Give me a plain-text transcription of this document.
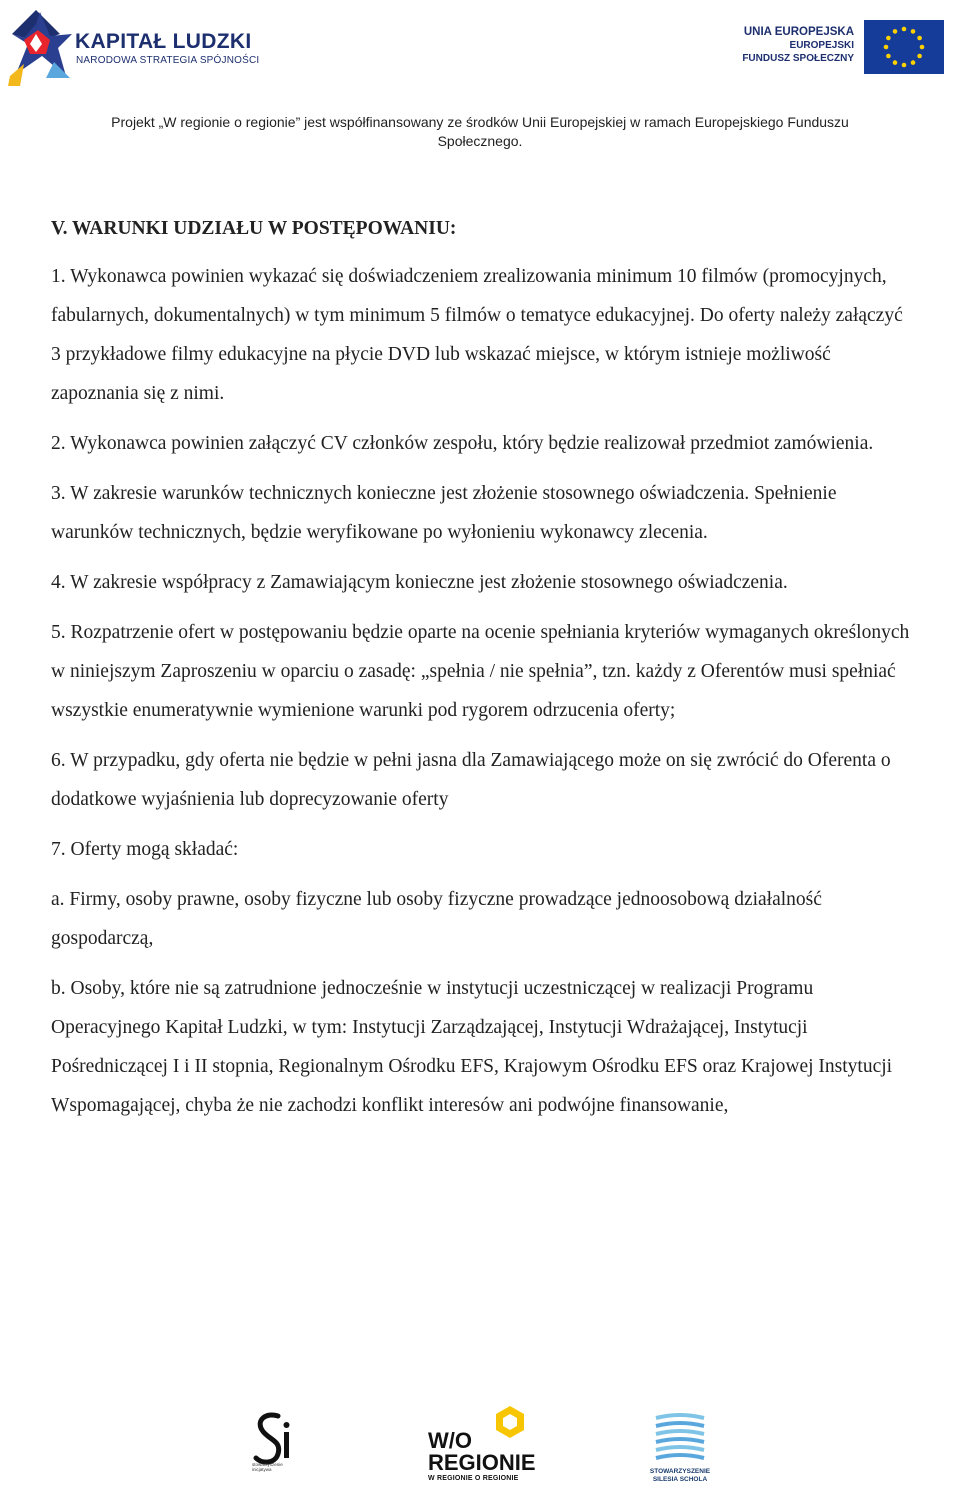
KAPITAŁ LUDZKI
NARODOWA STRATEGIA SPÓJNOŚCI
UNIA EUROPEJSKA
EUROPEJSKI
FUNDUSZ SPOŁECZNY
Projekt „W regionie o regionie” jest współfinansowany ze środków Unii Europejskiej w ramach Europejskiego Funduszu
Społecznego.
V. WARUNKI UDZIAŁU W POSTĘPOWANIU:

1. Wykonawca powinien wykazać się doświadczeniem zrealizowania minimum 10 filmów (promocyjnych, fabularnych, dokumentalnych) w tym minimum 5 filmów o tematyce edukacyjnej. Do oferty należy załączyć 3 przykładowe filmy edukacyjne na płycie DVD lub wskazać miejsce, w którym istnieje możliwość zapoznania się z nimi.

2. Wykonawca powinien załączyć CV członków zespołu, który będzie realizował przedmiot zamówienia.

3. W zakresie warunków technicznych konieczne jest złożenie stosownego oświadczenia. Spełnienie warunków technicznych, będzie weryfikowane po wyłonieniu wykonawcy zlecenia.

4. W zakresie współpracy z Zamawiającym konieczne jest złożenie stosownego oświadczenia.

5. Rozpatrzenie ofert w postępowaniu będzie oparte na ocenie spełniania kryteriów wymaganych określonych w niniejszym Zaproszeniu w oparciu o zasadę: „spełnia / nie spełnia”, tzn. każdy z Oferentów musi spełniać wszystkie enumeratywnie wymienione warunki pod rygorem odrzucenia oferty;

6. W przypadku, gdy oferta nie będzie w pełni jasna dla Zamawiającego może on się zwrócić do Oferenta o dodatkowe wyjaśnienia lub doprecyzowanie oferty

7. Oferty mogą składać:

a. Firmy, osoby prawne, osoby fizyczne lub osoby fizyczne prowadzące jednoosobową działalność gospodarczą,

b. Osoby, które nie są zatrudnione jednocześnie w instytucji uczestniczącej w realizacji Programu Operacyjnego Kapitał Ludzki, w tym: Instytucji Zarządzającej, Instytucji Wdrażającej, Instytucji Pośredniczącej I i II stopnia, Regionalnym Ośrodku EFS, Krajowym Ośrodku EFS oraz Krajowej Instytucji Wspomagającej, chyba że nie zachodzi konflikt interesów ani podwójne finansowanie,

stowarzyszenie inicjatywa
W/O
REGIONIE
W REGIONIE O REGIONIE
STOWARZYSZENIE
SILESIA SCHOLA
